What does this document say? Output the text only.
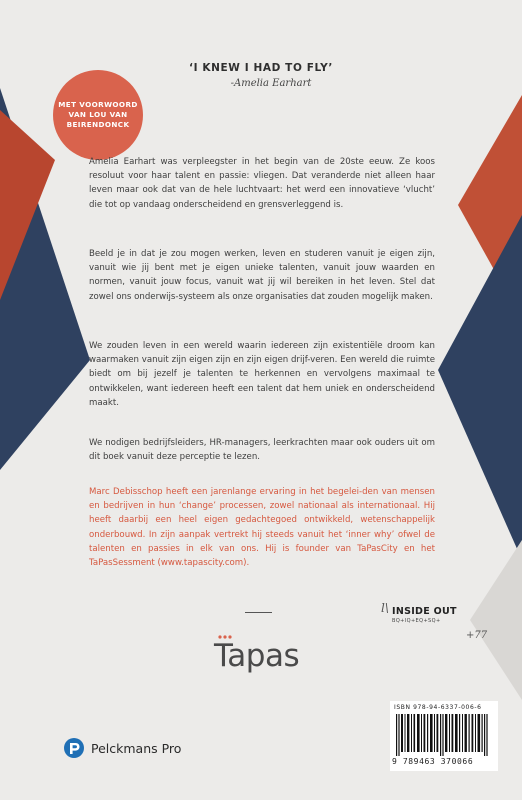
‘I KNEW I HAD TO FLY’
-Amelia Earhart
MET VOORWOORD
VAN LOU VAN
BEIRENDONCK

Amelia Earhart was verpleegster in het begin van de 20ste eeuw. Ze koos resoluut voor haar talent en passie: vliegen. Dat veranderde niet alleen haar leven maar ook dat van de hele luchtvaart: het werd een innovatieve ‘vlucht’ die tot op vandaag onderscheidend en grensverleggend is.

Beeld je in dat je zou mogen werken, leven en studeren vanuit je eigen zijn, vanuit wie jij bent met je eigen unieke talenten, vanuit jouw waarden en normen, vanuit jouw focus, vanuit wat jij wil bereiken in het leven. Stel dat zowel ons onderwijs-systeem als onze organisaties dat zouden mogelijk maken.

We zouden leven in een wereld waarin iedereen zijn existentiële droom kan waarmaken vanuit zijn eigen zijn en zijn eigen drijf-veren. Een wereld die ruimte biedt om bij jezelf je talenten te herkennen en vervolgens maximaal te ontwikkelen, want iedereen heeft een talent dat hem uniek en onderscheidend maakt.

We nodigen bedrijfsleiders, HR-managers, leerkrachten maar ook ouders uit om dit boek vanuit deze perceptie te lezen.

Marc Debisschop heeft een jarenlange ervaring in het begelei-den van mensen en bedrijven in hun ‘change’ processen, zowel nationaal als internationaal. Hij heeft daarbij een heel eigen gedachtegoed ontwikkeld, wetenschappelijk onderbouwd. In zijn aanpak vertrekt hij steeds vanuit het ‘inner why’ ofwel de talenten en passies in elk van ons. Hij is founder van TaPasCity en het TaPasSessment (www.tapascity.com).

l\ INSIDE OUT
BQ+IQ+EQ+SQ+
+77
Tapas
ISBN 978-94-6337-006-6
9 789463 370066
Pelckmans Pro
